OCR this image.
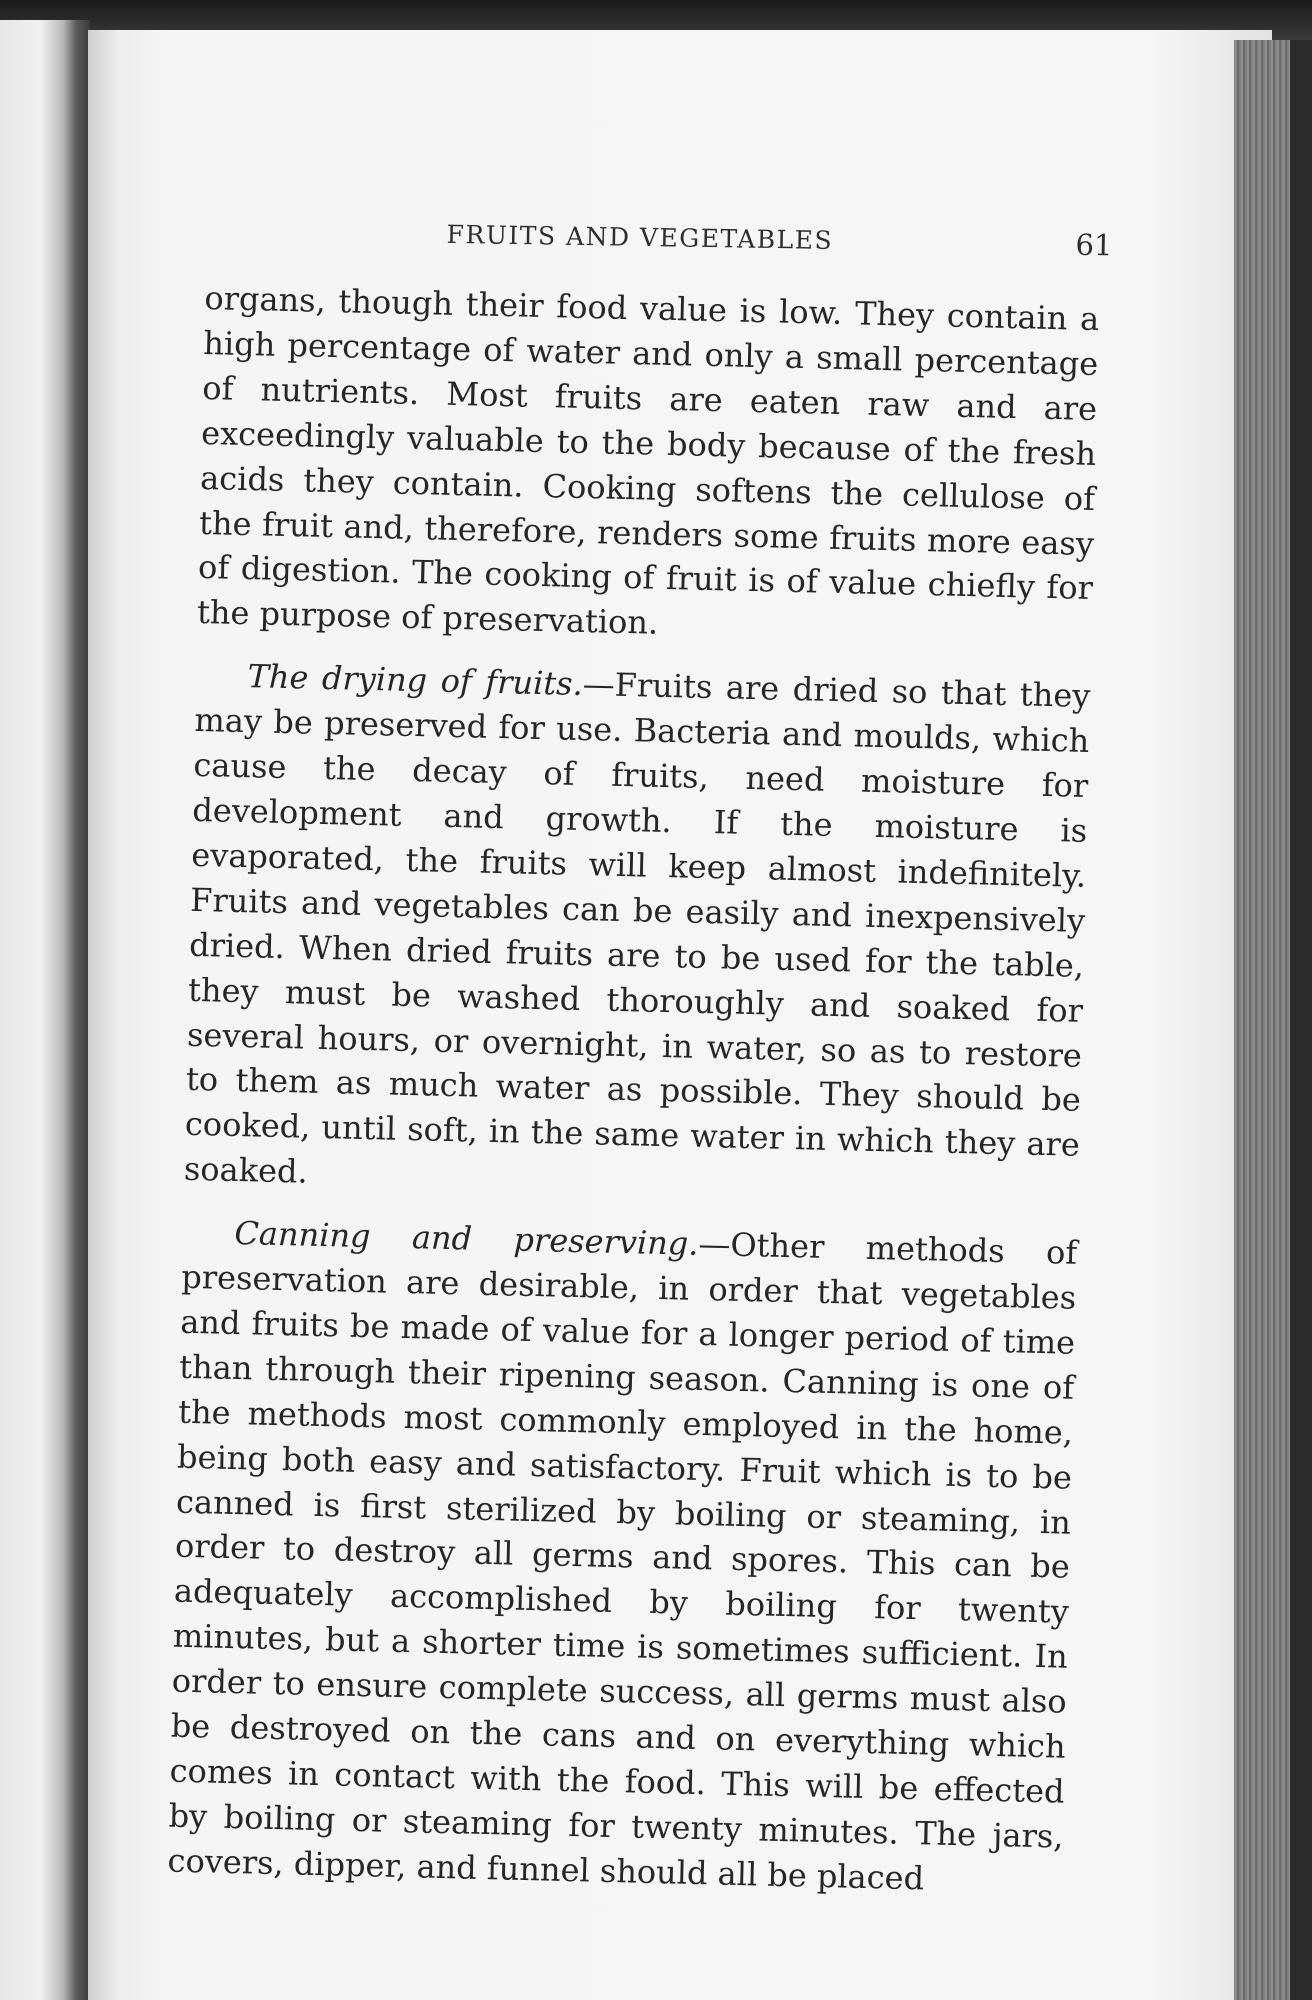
FRUITS AND VEGETABLES	61

organs, though their food value is low. They contain a high percentage of water and only a small percentage of nutrients. Most fruits are eaten raw and are exceedingly valuable to the body because of the fresh acids they contain. Cooking softens the cellulose of the fruit and, therefore, renders some fruits more easy of digestion. The cooking of fruit is of value chiefly for the purpose of preservation.

The drying of fruits.—Fruits are dried so that they may be preserved for use. Bacteria and moulds, which cause the decay of fruits, need moisture for development and growth. If the moisture is evaporated, the fruits will keep almost indefinitely. Fruits and vegetables can be easily and inexpensively dried. When dried fruits are to be used for the table, they must be washed thoroughly and soaked for several hours, or overnight, in water, so as to restore to them as much water as possible. They should be cooked, until soft, in the same water in which they are soaked.

Canning and preserving.—Other methods of preservation are desirable, in order that vegetables and fruits be made of value for a longer period of time than through their ripening season. Canning is one of the methods most commonly employed in the home, being both easy and satisfactory. Fruit which is to be canned is first sterilized by boiling or steaming, in order to destroy all germs and spores. This can be adequately accomplished by boiling for twenty minutes, but a shorter time is sometimes sufficient. In order to ensure complete success, all germs must also be destroyed on the cans and on everything which comes in contact with the food. This will be effected by boiling or steaming for twenty minutes. The jars, covers, dipper, and funnel should all be placed
